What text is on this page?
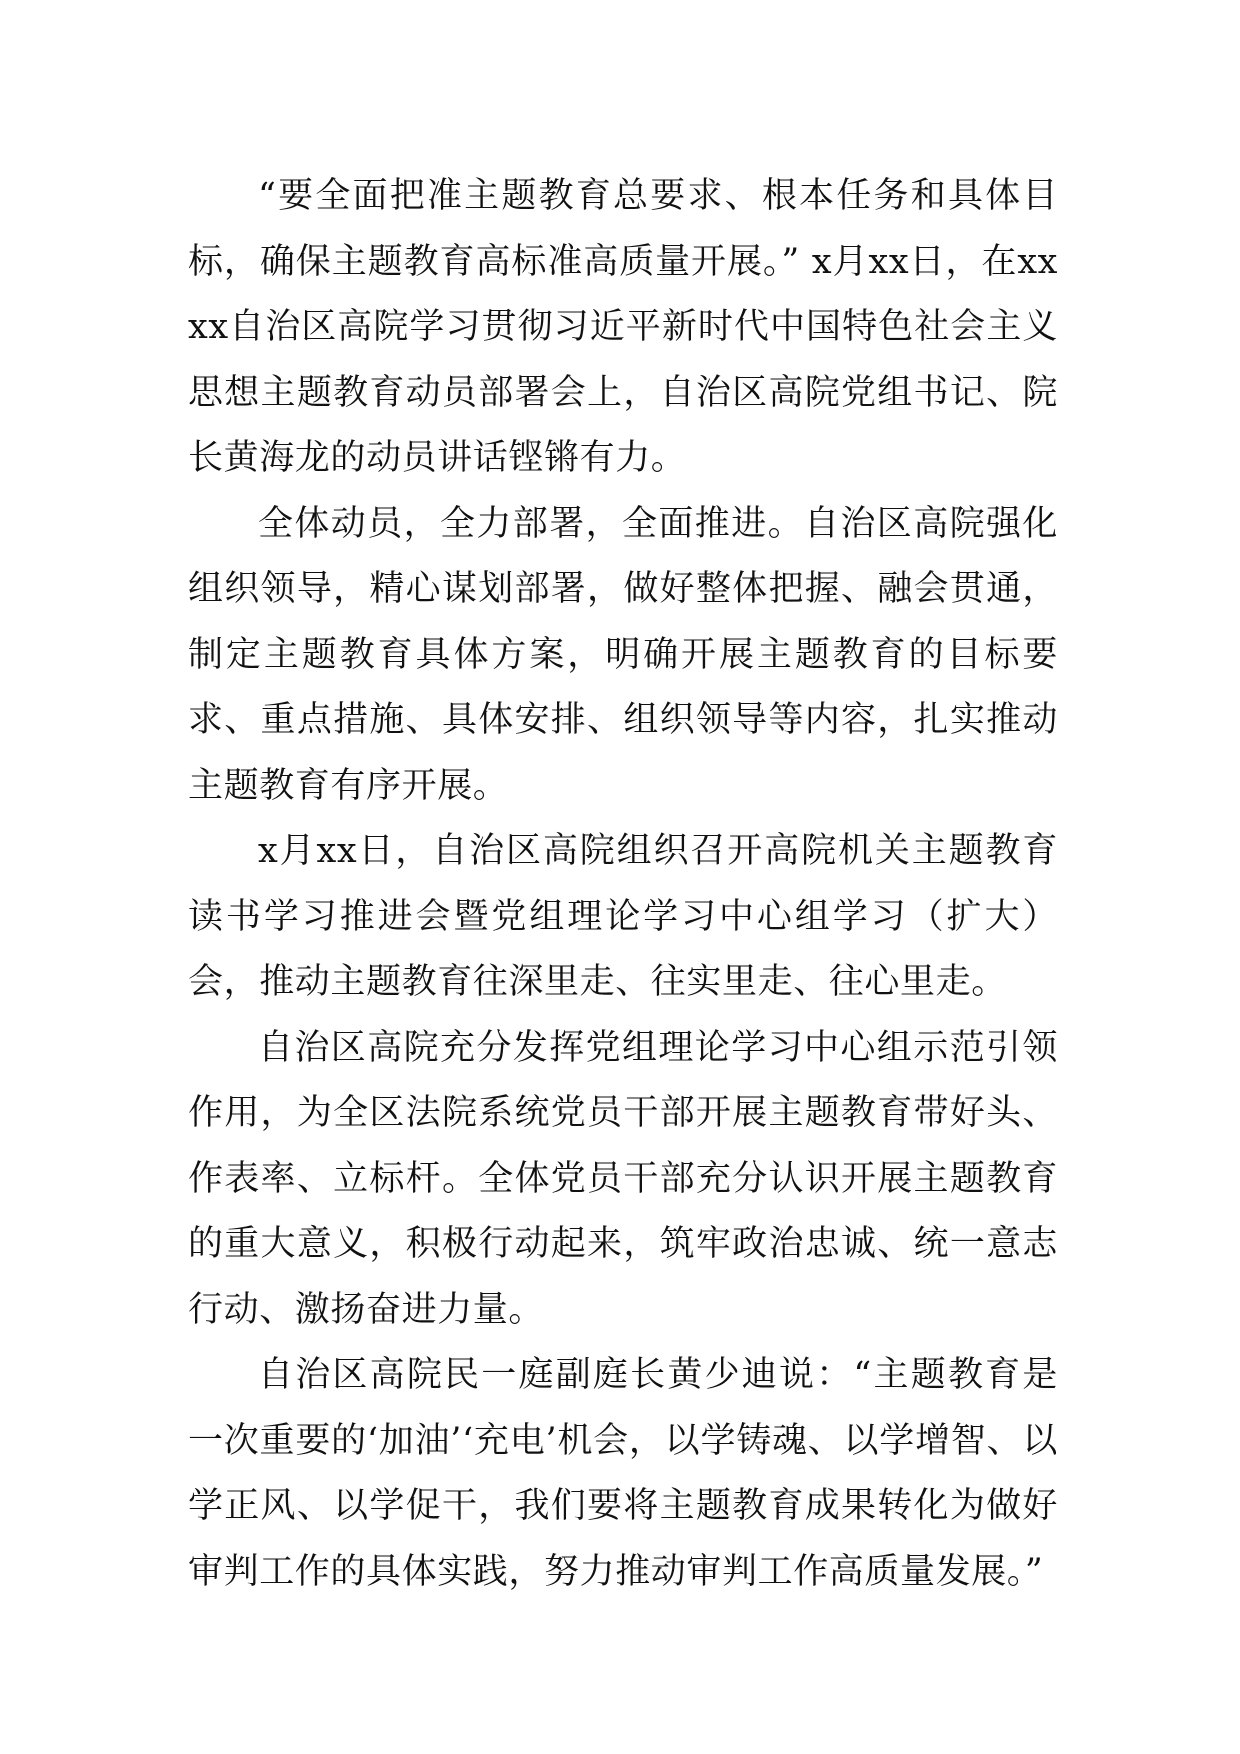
“要全面把准主题教育总要求、根本任务和具体目标，确保主题教育高标准高质量开展。” x月xx日，在xxxx自治区高院学习贯彻习近平新时代中国特色社会主义思想主题教育动员部署会上，自治区高院党组书记、院长黄海龙的动员讲话铿锵有力。

全体动员，全力部署，全面推进。自治区高院强化组织领导，精心谋划部署，做好整体把握、融会贯通，制定主题教育具体方案，明确开展主题教育的目标要求、重点措施、具体安排、组织领导等内容，扎实推动主题教育有序开展。

x月xx日，自治区高院组织召开高院机关主题教育读书学习推进会暨党组理论学习中心组学习（扩大）会，推动主题教育往深里走、往实里走、往心里走。

自治区高院充分发挥党组理论学习中心组示范引领作用，为全区法院系统党员干部开展主题教育带好头、作表率、立标杆。全体党员干部充分认识开展主题教育的重大意义，积极行动起来，筑牢政治忠诚、统一意志行动、激扬奋进力量。

自治区高院民一庭副庭长黄少迪说：“主题教育是一次重要的‘加油’‘充电’机会，以学铸魂、以学增智、以学正风、以学促干，我们要将主题教育成果转化为做好审判工作的具体实践，努力推动审判工作高质量发展。”
